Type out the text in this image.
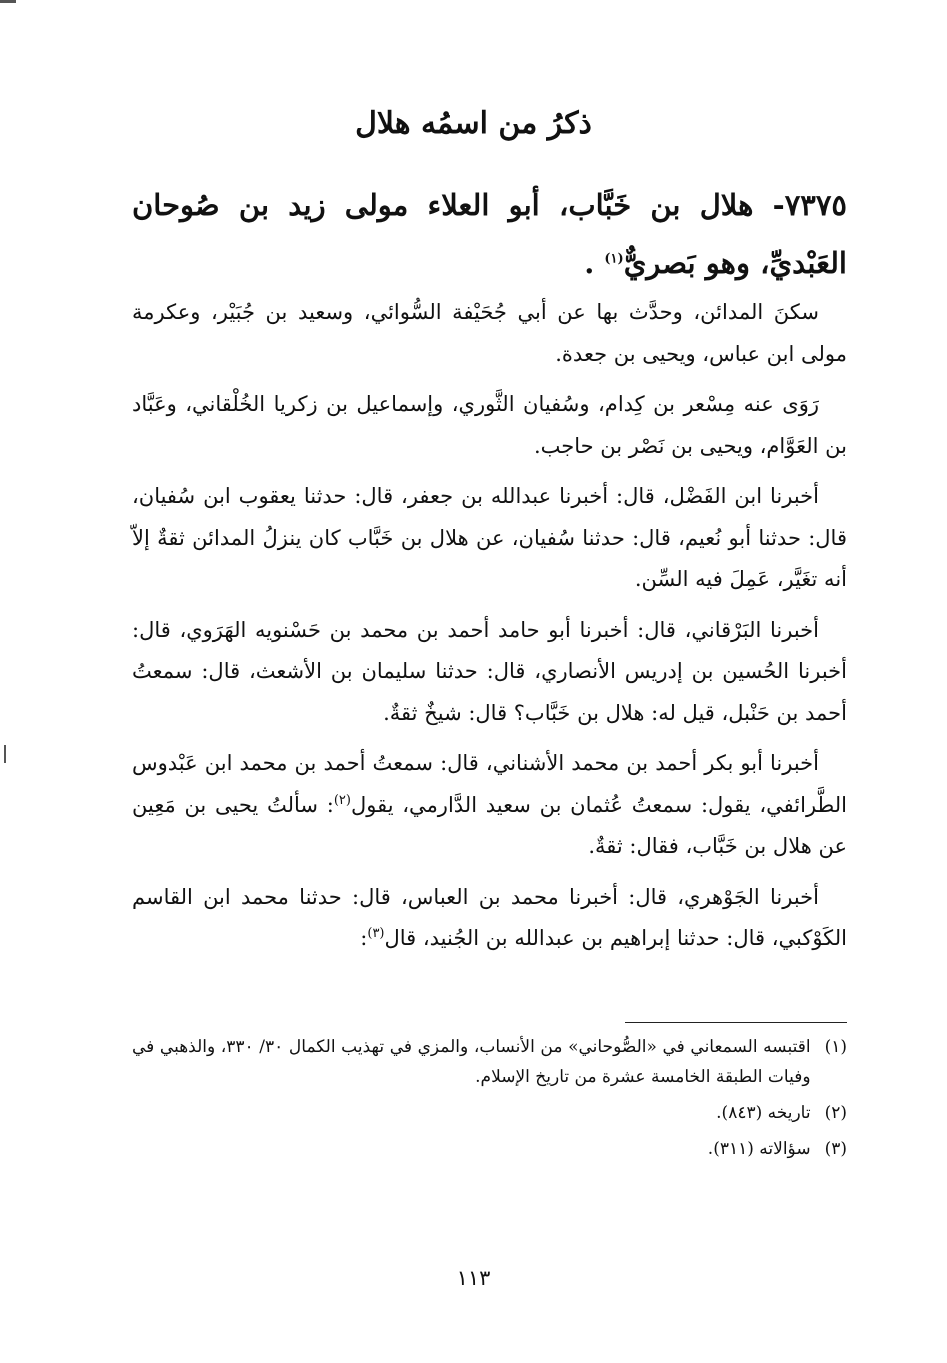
ذكرُ من اسمُه هلال
٧٣٧٥- هلال بن خَبَّاب، أبو العلاء مولى زيد بن صُوحان العَبْديِّ، وهو بَصريٌّ$^{(١)}$ .

سكنَ المدائن، وحدَّث بها عن أبي جُحَيْفة السُّوائي، وسعيد بن جُبَيْر، وعكرمة مولى ابن عباس، ويحيى بن جعدة.

رَوَى عنه مِسْعر بن كِدام، وسُفيان الثَّوري، وإسماعيل بن زكريا الخُلْقاني، وعَبَّاد بن العَوَّام، ويحيى بن نَصْر بن حاجب.

أخبرنا ابن الفَضْل، قال: أخبرنا عبدالله بن جعفر، قال: حدثنا يعقوب ابن سُفيان، قال: حدثنا أبو نُعيم، قال: حدثنا سُفيان، عن هلال بن خَبَّاب كان ينزلُ المدائن ثقةٌ إلاّ أنه تغَيَّر، عَمِلَ فيه السِّن.

أخبرنا البَرْقاني، قال: أخبرنا أبو حامد أحمد بن محمد بن حَسْنويه الهَرَوي، قال: أخبرنا الحُسين بن إدريس الأنصاري، قال: حدثنا سليمان بن الأشعث، قال: سمعتُ أحمد بن حَنْبل، قيل له: هلال بن خَبَّاب؟ قال: شيخٌ ثقةٌ.

أخبرنا أبو بكر أحمد بن محمد الأشناني، قال: سمعتُ أحمد بن محمد ابن عَبْدوس الطَّرائفي، يقول: سمعتُ عُثمان بن سعيد الدَّارمي، يقول$^{(٢)}$: سألتُ يحيى بن مَعِين عن هلال بن خَبَّاب، فقال: ثقةٌ.

أخبرنا الجَوْهري، قال: أخبرنا محمد بن العباس، قال: حدثنا محمد ابن القاسم الكَوْكبي، قال: حدثنا إبراهيم بن عبدالله بن الجُنيد، قال$^{(٣)}$:

(١)
اقتبسه السمعاني في «الصُّوحاني» من الأنساب، والمزي في تهذيب الكمال ٣٠/ ٣٣٠، والذهبي في وفيات الطبقة الخامسة عشرة من تاريخ الإسلام.
(٢)
تاريخه (٨٤٣).
(٣)
سؤالاته (٣١١).
١١٣
